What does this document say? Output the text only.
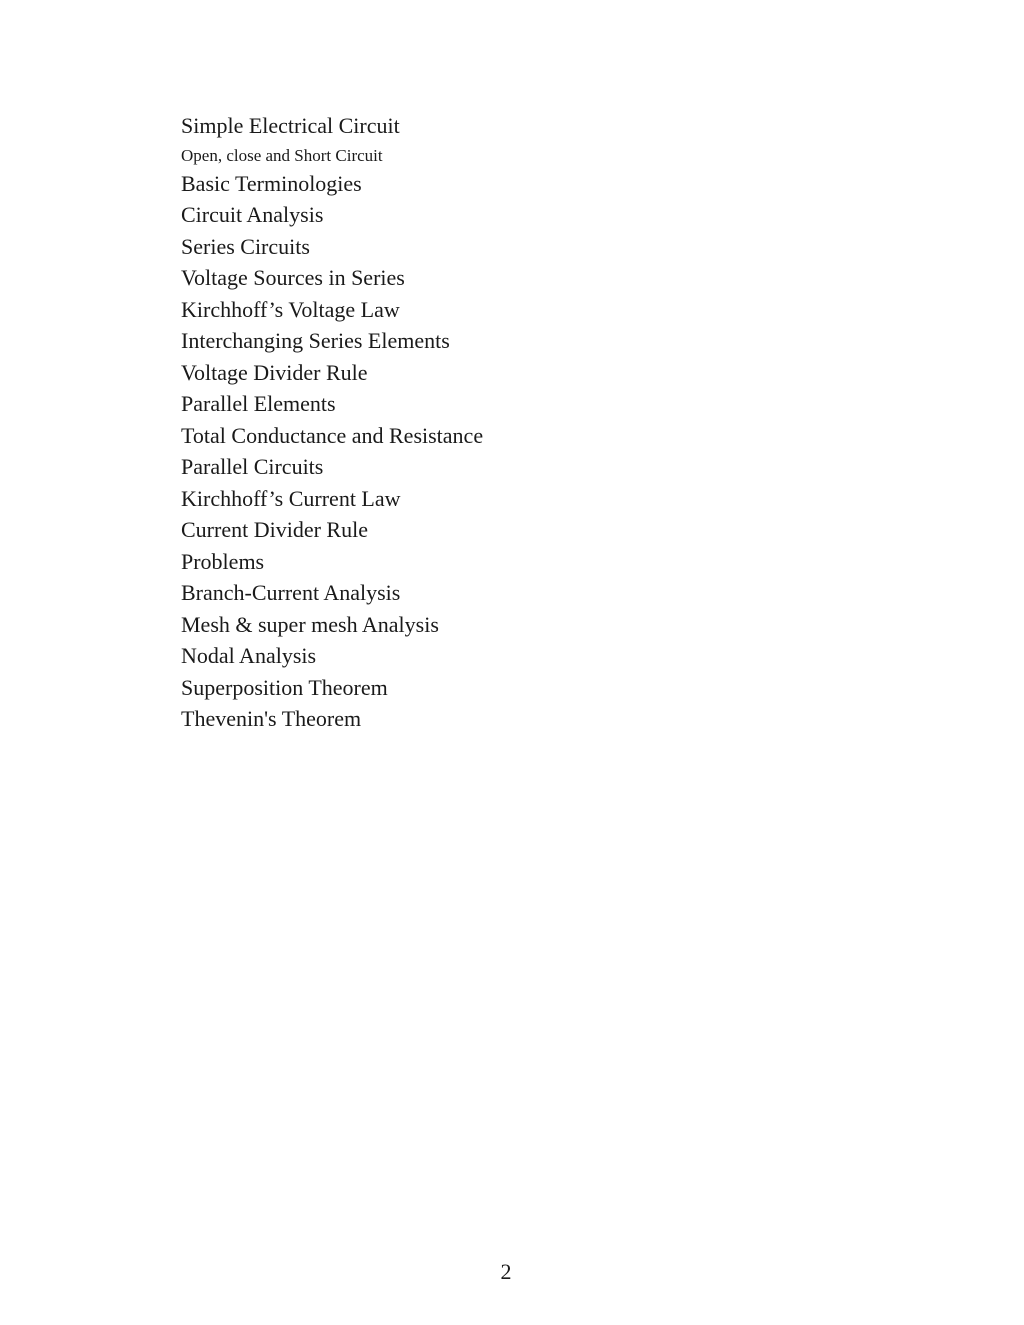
Simple Electrical Circuit
Open, close and Short Circuit
Basic Terminologies
Circuit Analysis
Series Circuits
Voltage Sources in Series
Kirchhoff’s Voltage Law
Interchanging Series Elements
Voltage Divider Rule
Parallel Elements
Total Conductance and Resistance
Parallel Circuits
Kirchhoff’s Current Law
Current Divider Rule
Problems
Branch-Current Analysis
Mesh & super mesh Analysis
Nodal Analysis
Superposition Theorem
Thevenin's Theorem
2
